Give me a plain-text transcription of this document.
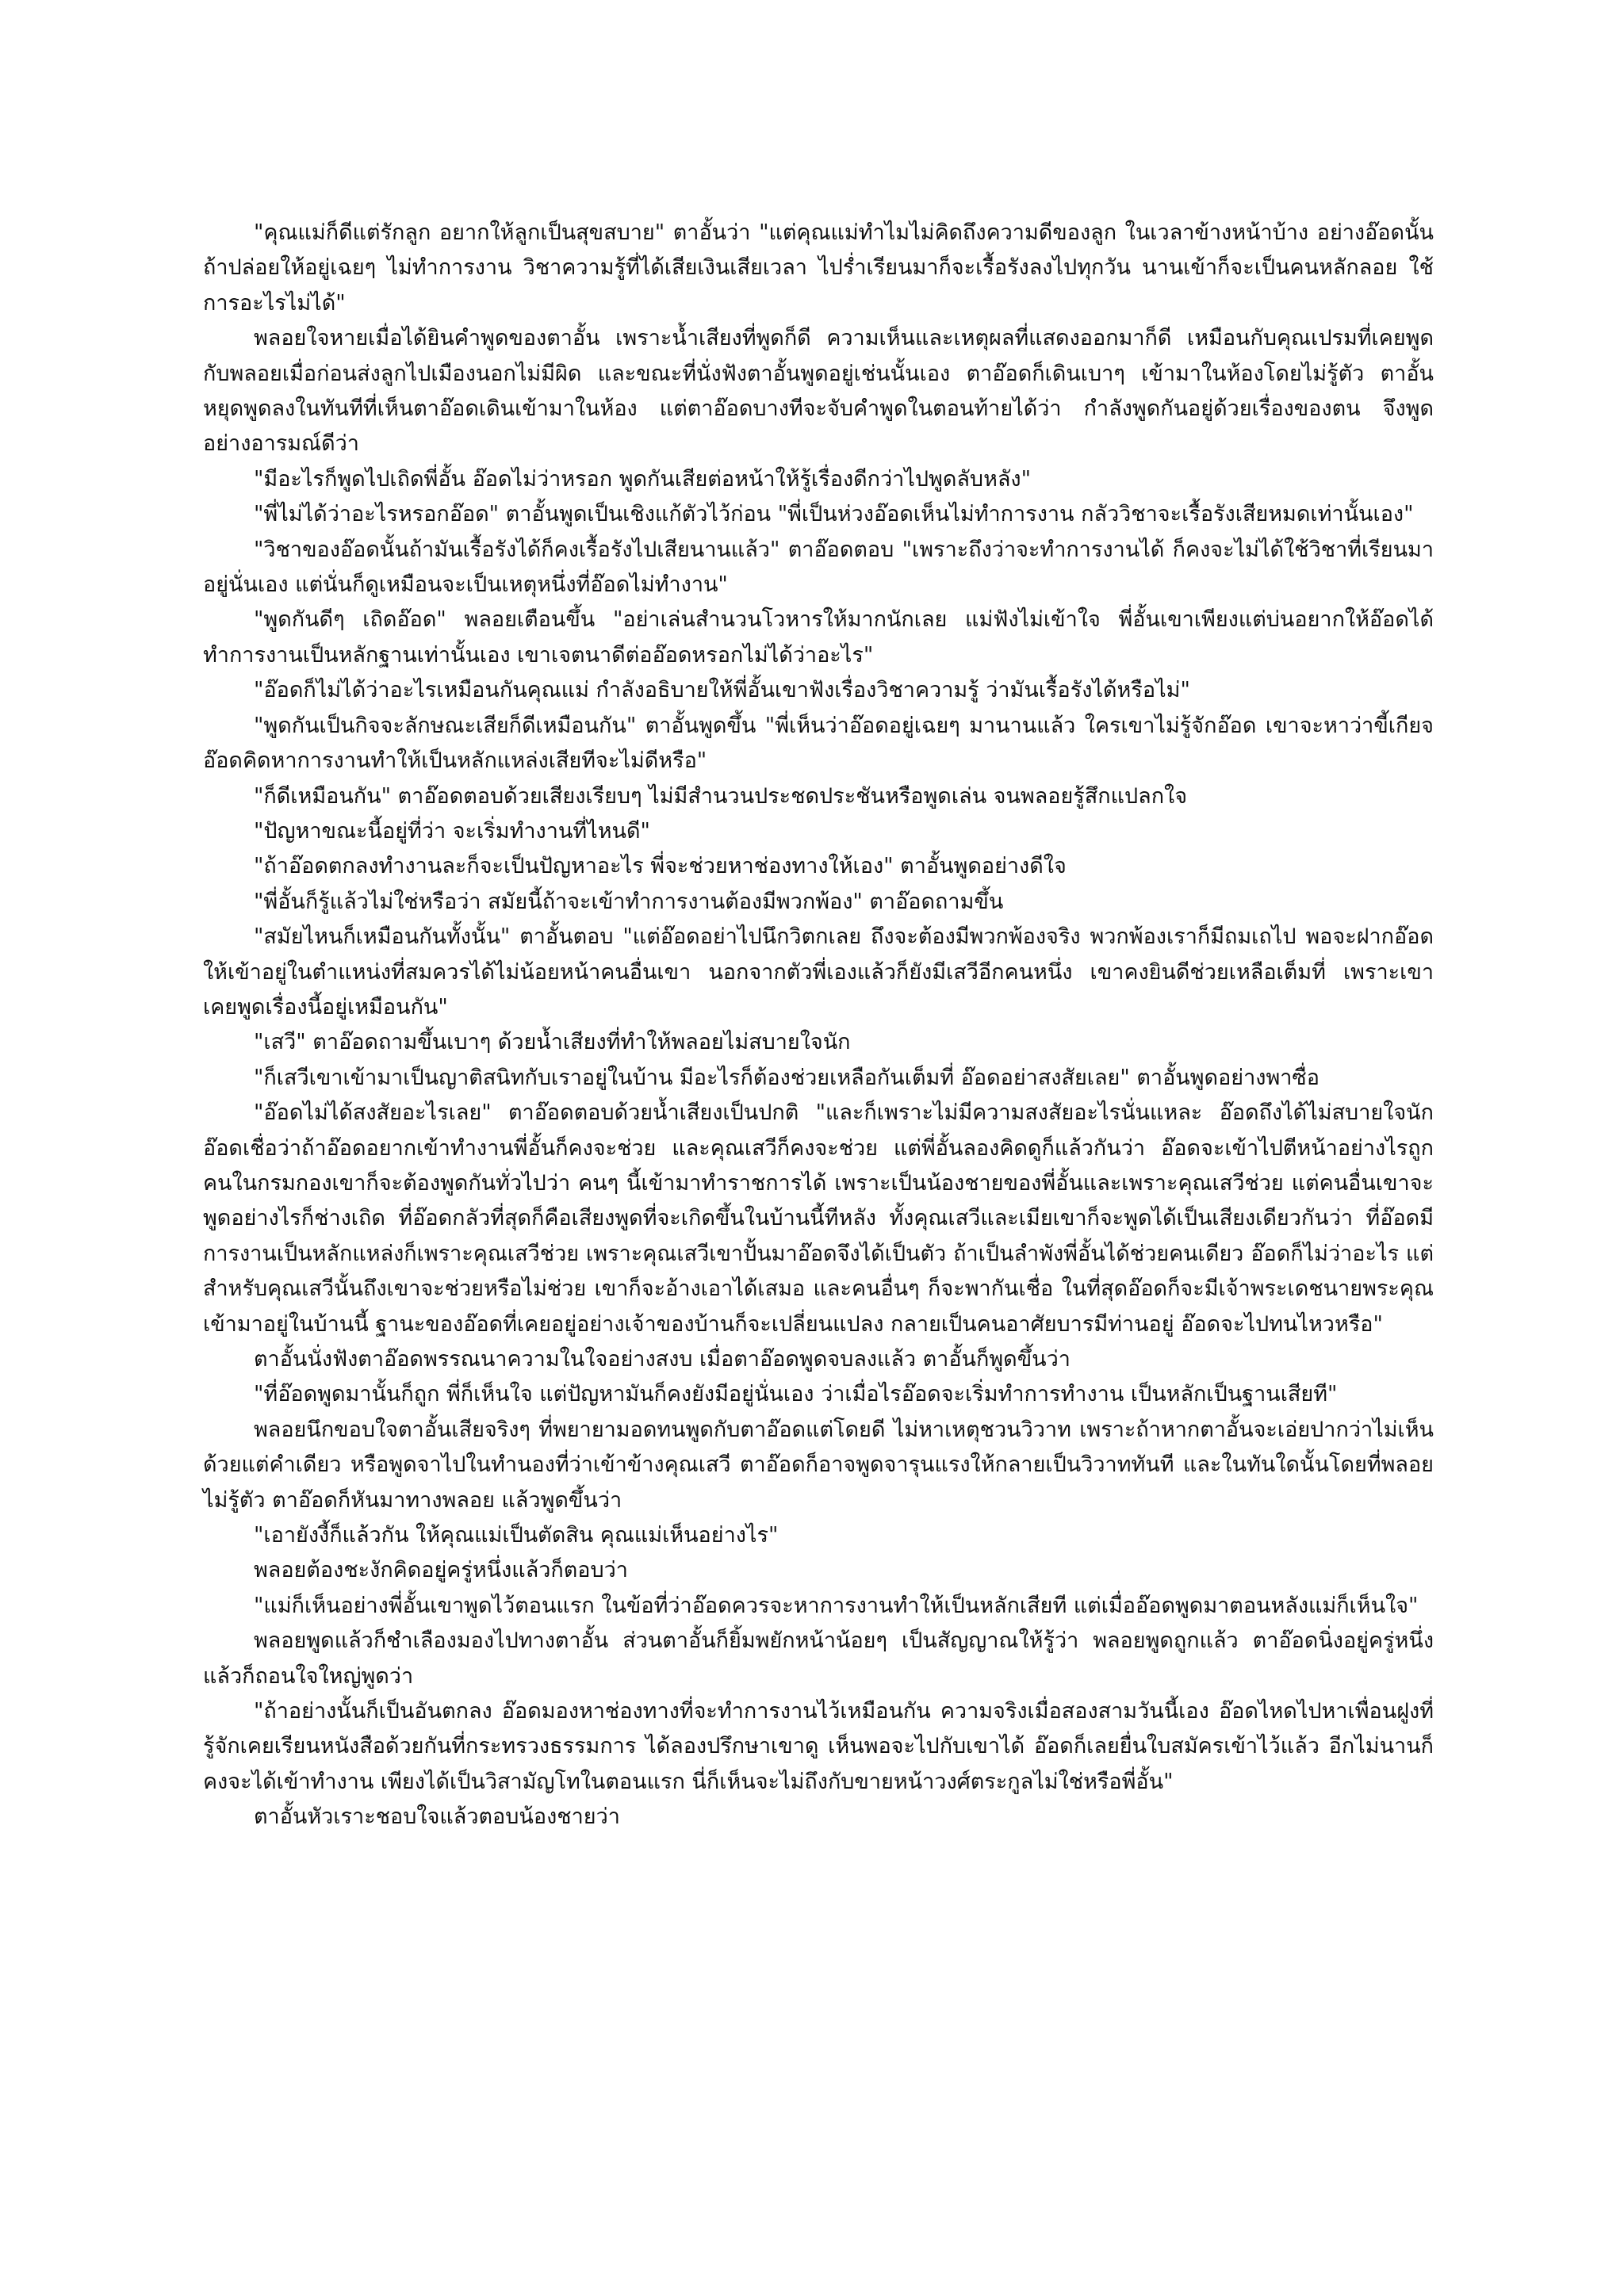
"คุณแม่ก็ดีแต่รักลูก อยากให้ลูกเป็นสุขสบาย" ตาอั้นว่า "แต่คุณแม่ทำไมไม่คิดถึงความดีของลูก ในเวลาข้างหน้าบ้าง อย่างอ๊อดนั้นถ้าปล่อยให้อยู่เฉยๆ ไม่ทำการงาน วิชาความรู้ที่ได้เสียเงินเสียเวลา ไปร่ำเรียนมาก็จะเรื้อรังลงไปทุกวัน นานเข้าก็จะเป็นคนหลักลอย ใช้การอะไรไม่ได้"

พลอยใจหายเมื่อได้ยินคำพูดของตาอั้น เพราะน้ำเสียงที่พูดก็ดี ความเห็นและเหตุผลที่แสดงออกมาก็ดี เหมือนกับคุณเปรมที่เคยพูดกับพลอยเมื่อก่อนส่งลูกไปเมืองนอกไม่มีผิด และขณะที่นั่งฟังตาอั้นพูดอยู่เช่นนั้นเอง ตาอ๊อดก็เดินเบาๆ เข้ามาในห้องโดยไม่รู้ตัว ตาอั้นหยุดพูดลงในทันทีที่เห็นตาอ๊อดเดินเข้ามาในห้อง แต่ตาอ๊อดบางทีจะจับคำพูดในตอนท้ายได้ว่า กำลังพูดกันอยู่ด้วยเรื่องของตน จึงพูดอย่างอารมณ์ดีว่า

"มีอะไรก็พูดไปเถิดพี่อั้น อ๊อดไม่ว่าหรอก พูดกันเสียต่อหน้าให้รู้เรื่องดีกว่าไปพูดลับหลัง"

"พี่ไม่ได้ว่าอะไรหรอกอ๊อด" ตาอั้นพูดเป็นเชิงแก้ตัวไว้ก่อน "พี่เป็นห่วงอ๊อดเห็นไม่ทำการงาน กลัววิชาจะเรื้อรังเสียหมดเท่านั้นเอง"

"วิชาของอ๊อดนั้นถ้ามันเรื้อรังได้ก็คงเรื้อรังไปเสียนานแล้ว" ตาอ๊อดตอบ "เพราะถึงว่าจะทำการงานได้ ก็คงจะไม่ได้ใช้วิชาที่เรียนมาอยู่นั่นเอง แต่นั่นก็ดูเหมือนจะเป็นเหตุหนึ่งที่อ๊อดไม่ทำงาน"

"พูดกันดีๆ เถิดอ๊อด" พลอยเตือนขึ้น "อย่าเล่นสำนวนโวหารให้มากนักเลย แม่ฟังไม่เข้าใจ พี่อั้นเขาเพียงแต่บ่นอยากให้อ๊อดได้ทำการงานเป็นหลักฐานเท่านั้นเอง เขาเจตนาดีต่ออ๊อดหรอกไม่ได้ว่าอะไร"

"อ๊อดก็ไม่ได้ว่าอะไรเหมือนกันคุณแม่ กำลังอธิบายให้พี่อั้นเขาฟังเรื่องวิชาความรู้ ว่ามันเรื้อรังได้หรือไม่"

"พูดกันเป็นกิจจะลักษณะเสียก็ดีเหมือนกัน" ตาอั้นพูดขึ้น "พี่เห็นว่าอ๊อดอยู่เฉยๆ มานานแล้ว ใครเขาไม่รู้จักอ๊อด เขาจะหาว่าขี้เกียจ อ๊อดคิดหาการงานทำให้เป็นหลักแหล่งเสียทีจะไม่ดีหรือ"

"ก็ดีเหมือนกัน" ตาอ๊อดตอบด้วยเสียงเรียบๆ ไม่มีสำนวนประชดประชันหรือพูดเล่น จนพลอยรู้สึกแปลกใจ

"ปัญหาขณะนี้อยู่ที่ว่า จะเริ่มทำงานที่ไหนดี"

"ถ้าอ๊อดตกลงทำงานละก็จะเป็นปัญหาอะไร พี่จะช่วยหาช่องทางให้เอง" ตาอั้นพูดอย่างดีใจ

"พี่อั้นก็รู้แล้วไม่ใช่หรือว่า สมัยนี้ถ้าจะเข้าทำการงานต้องมีพวกพ้อง" ตาอ๊อดถามขึ้น

"สมัยไหนก็เหมือนกันทั้งนั้น" ตาอั้นตอบ "แต่อ๊อดอย่าไปนึกวิตกเลย ถึงจะต้องมีพวกพ้องจริง พวกพ้องเราก็มีถมเถไป พอจะฝากอ๊อดให้เข้าอยู่ในตำแหน่งที่สมควรได้ไม่น้อยหน้าคนอื่นเขา นอกจากตัวพี่เองแล้วก็ยังมีเสวีอีกคนหนึ่ง เขาคงยินดีช่วยเหลือเต็มที่ เพราะเขาเคยพูดเรื่องนี้อยู่เหมือนกัน"

"เสวี" ตาอ๊อดถามขึ้นเบาๆ ด้วยน้ำเสียงที่ทำให้พลอยไม่สบายใจนัก

"ก็เสวีเขาเข้ามาเป็นญาติสนิทกับเราอยู่ในบ้าน มีอะไรก็ต้องช่วยเหลือกันเต็มที่ อ๊อดอย่าสงสัยเลย" ตาอั้นพูดอย่างพาซื่อ

"อ๊อดไม่ได้สงสัยอะไรเลย" ตาอ๊อดตอบด้วยน้ำเสียงเป็นปกติ "และก็เพราะไม่มีความสงสัยอะไรนั่นแหละ อ๊อดถึงได้ไม่สบายใจนัก อ๊อดเชื่อว่าถ้าอ๊อดอยากเข้าทำงานพี่อั้นก็คงจะช่วย และคุณเสวีก็คงจะช่วย แต่พี่อั้นลองคิดดูก็แล้วกันว่า อ๊อดจะเข้าไปตีหน้าอย่างไรถูก คนในกรมกองเขาก็จะต้องพูดกันทั่วไปว่า คนๆ นี้เข้ามาทำราชการได้ เพราะเป็นน้องชายของพี่อั้นและเพราะคุณเสวีช่วย แต่คนอื่นเขาจะพูดอย่างไรก็ช่างเถิด ที่อ๊อดกลัวที่สุดก็คือเสียงพูดที่จะเกิดขึ้นในบ้านนี้ทีหลัง ทั้งคุณเสวีและเมียเขาก็จะพูดได้เป็นเสียงเดียวกันว่า ที่อ๊อดมีการงานเป็นหลักแหล่งก็เพราะคุณเสวีช่วย เพราะคุณเสวีเขาปั้นมาอ๊อดจึงได้เป็นตัว ถ้าเป็นลำพังพี่อั้นได้ช่วยคนเดียว อ๊อดก็ไม่ว่าอะไร แต่สำหรับคุณเสวีนั้นถึงเขาจะช่วยหรือไม่ช่วย เขาก็จะอ้างเอาได้เสมอ และคนอื่นๆ ก็จะพากันเชื่อ ในที่สุดอ๊อดก็จะมีเจ้าพระเดชนายพระคุณเข้ามาอยู่ในบ้านนี้ ฐานะของอ๊อดที่เคยอยู่อย่างเจ้าของบ้านก็จะเปลี่ยนแปลง กลายเป็นคนอาศัยบารมีท่านอยู่ อ๊อดจะไปทนไหวหรือ"

ตาอั้นนั่งฟังตาอ๊อดพรรณนาความในใจอย่างสงบ เมื่อตาอ๊อดพูดจบลงแล้ว ตาอั้นก็พูดขึ้นว่า

"ที่อ๊อดพูดมานั้นก็ถูก พี่ก็เห็นใจ แต่ปัญหามันก็คงยังมีอยู่นั่นเอง ว่าเมื่อไรอ๊อดจะเริ่มทำการทำงาน เป็นหลักเป็นฐานเสียที"

พลอยนึกขอบใจตาอั้นเสียจริงๆ ที่พยายามอดทนพูดกับตาอ๊อดแต่โดยดี ไม่หาเหตุชวนวิวาท เพราะถ้าหากตาอั้นจะเอ่ยปากว่าไม่เห็นด้วยแต่คำเดียว หรือพูดจาไปในทำนองที่ว่าเข้าข้างคุณเสวี ตาอ๊อดก็อาจพูดจารุนแรงให้กลายเป็นวิวาททันที และในทันใดนั้นโดยที่พลอยไม่รู้ตัว ตาอ๊อดก็หันมาทางพลอย แล้วพูดขึ้นว่า

"เอายังงี้ก็แล้วกัน ให้คุณแม่เป็นตัดสิน คุณแม่เห็นอย่างไร"

พลอยต้องชะงักคิดอยู่ครู่หนึ่งแล้วก็ตอบว่า

"แม่ก็เห็นอย่างพี่อั้นเขาพูดไว้ตอนแรก ในข้อที่ว่าอ๊อดควรจะหาการงานทำให้เป็นหลักเสียที แต่เมื่ออ๊อดพูดมาตอนหลังแม่ก็เห็นใจ"

พลอยพูดแล้วก็ชำเลืองมองไปทางตาอั้น ส่วนตาอั้นก็ยิ้มพยักหน้าน้อยๆ เป็นสัญญาณให้รู้ว่า พลอยพูดถูกแล้ว ตาอ๊อดนิ่งอยู่ครู่หนึ่งแล้วก็ถอนใจใหญ่พูดว่า

"ถ้าอย่างนั้นก็เป็นอันตกลง อ๊อดมองหาช่องทางที่จะทำการงานไว้เหมือนกัน ความจริงเมื่อสองสามวันนี้เอง อ๊อดไหดไปหาเพื่อนฝูงที่รู้จักเคยเรียนหนังสือด้วยกันที่กระทรวงธรรมการ ได้ลองปรึกษาเขาดู เห็นพอจะไปกับเขาได้ อ๊อดก็เลยยื่นใบสมัครเข้าไว้แล้ว อีกไม่นานก็คงจะได้เข้าทำงาน เพียงได้เป็นวิสามัญโทในตอนแรก นี่ก็เห็นจะไม่ถึงกับขายหน้าวงศ์ตระกูลไม่ใช่หรือพี่อั้น"

ตาอั้นหัวเราะชอบใจแล้วตอบน้องชายว่า
